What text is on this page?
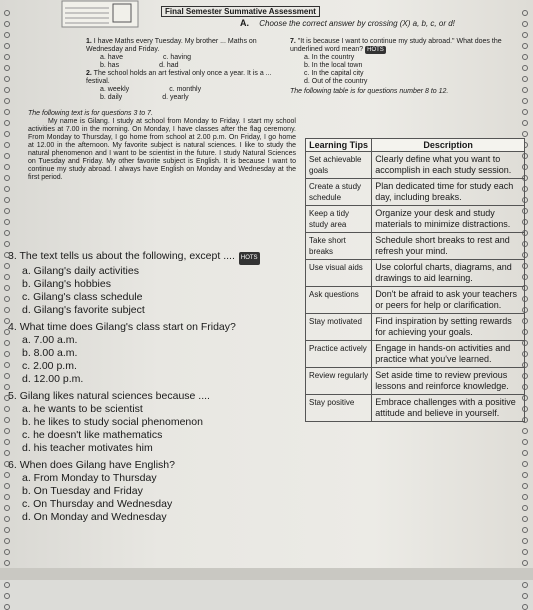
Final Semester Summative Assessment
A. Choose the correct answer by crossing (X) a, b, c, or d!
1. I have Maths every Tuesday. My brother ... Maths on Wednesday and Friday.
a. have	c. having
b. has	d. had
2. The school holds an art festival only once a year. It is a ... festival.
a. weekly	c. monthly
b. daily	d. yearly
7. "It is because I want to continue my study abroad." What does the underlined word mean? HOTS
a. In the country
b. In the local town
c. In the capital city
d. Out of the country
The following table is for questions number 8 to 12.
The following text is for questions 3 to 7.
My name is Gilang. I study at school from Monday to Friday. I start my school activities at 7.00 in the morning. On Monday, I have classes after the flag ceremony. From Monday to Thursday, I go home from school at 2.00 p.m. On Friday, I go home at 12.00 in the afternoon. My favorite subject is natural sciences. I like to study the natural phenomenon and I want to be scientist in the future. I study Natural Sciences on Tuesday and Friday. My other favorite subject is English. It is because I want to continue my study abroad. I always have English on Monday and Wednesday at the first period.
Learning Tips	Description
Set achievable goals	Clearly define what you want to accomplish in each study session.
Create a study schedule	Plan dedicated time for study each day, including breaks.
Keep a tidy study area	Organize your desk and study materials to minimize distractions.
Take short breaks	Schedule short breaks to rest and refresh your mind.
Use visual aids	Use colorful charts, diagrams, and drawings to aid learning.
Ask questions	Don't be afraid to ask your teachers or peers for help or clarification.
Stay motivated	Find inspiration by setting rewards for achieving your goals.
Practice actively	Engage in hands-on activities and practice what you've learned.
Review regularly	Set aside time to review previous lessons and reinforce knowledge.
Stay positive	Embrace challenges with a positive attitude and believe in yourself.
3. The text tells us about the following, except .... HOTS
a. Gilang's daily activities
b. Gilang's hobbies
c. Gilang's class schedule
d. Gilang's favorite subject
4. What time does Gilang's class start on Friday?
a. 7.00 a.m.
b. 8.00 a.m.
c. 2.00 p.m.
d. 12.00 p.m.
5. Gilang likes natural sciences because ....
a. he wants to be scientist
b. he likes to study social phenomenon
c. he doesn't like mathematics
d. his teacher motivates him
6. When does Gilang have English?
a. From Monday to Thursday
b. On Tuesday and Friday
c. On Thursday and Wednesday
d. On Monday and Wednesday
